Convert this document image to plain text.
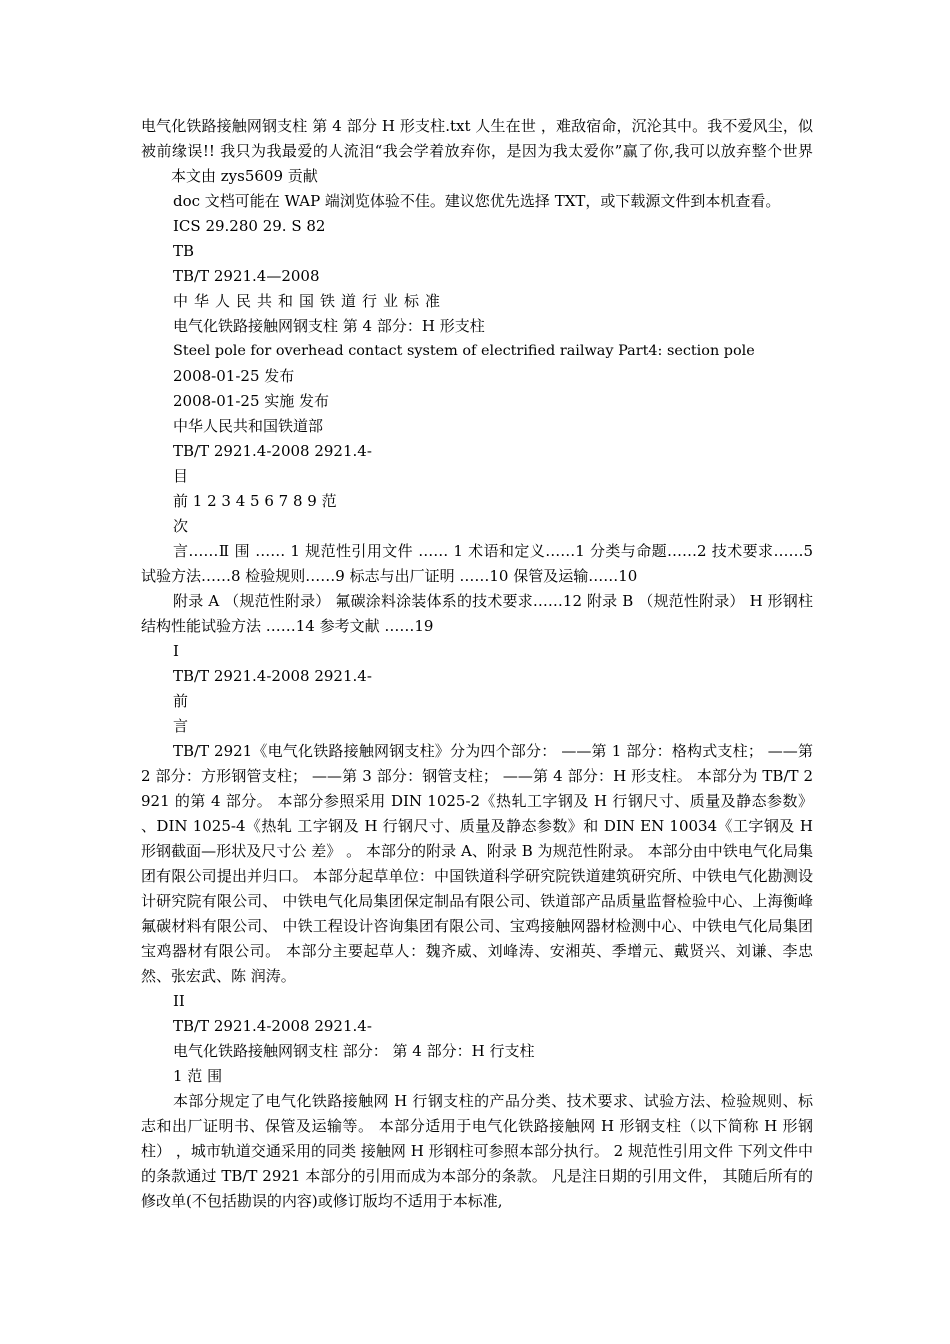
电气化铁路接触网钢支柱 第 4 部分 H 形支柱.txt 人生在世 ，难敌宿命，沉沦其中。我不爱风尘，似被前缘误!! 我只为我最爱的人流泪“我会学着放弃你，是因为我太爱你”赢了你,我可以放弃整个世界 　　本文由 zys5609 贡献

doc 文档可能在 WAP 端浏览体验不佳。建议您优先选择 TXT，或下载源文件到本机查看。

ICS 29.280 29. S 82

TB

TB/T 2921.4—2008

中华人民共和国铁道行业标准

电气化铁路接触网钢支柱 第 4 部分：H 形支柱

Steel pole for overhead contact system of electrified railway Part4: section pole

2008-01-25 发布

2008-01-25 实施 发布

中华人民共和国铁道部

TB/T 2921.4-2008 2921.4-

目

前 1 2 3 4 5 6 7 8 9 范

次

言……Ⅱ 围 …… 1 规范性引用文件 …… 1 术语和定义……1 分类与命题……2 技术要求……5 试验方法……8 检验规则……9 标志与出厂证明 ……10 保管及运输……10

附录 A （规范性附录） 氟碳涂料涂装体系的技术要求……12 附录 B （规范性附录） H 形钢柱结构性能试验方法 ……14 参考文献 ……19

I

TB/T 2921.4-2008 2921.4-

前

言

TB/T 2921《电气化铁路接触网钢支柱》分为四个部分： ——第 1 部分：格构式支柱； ——第 2 部分：方形钢管支柱； ——第 3 部分：钢管支柱； ——第 4 部分：H 形支柱。 本部分为 TB/T 2921 的第 4 部分。 本部分参照采用 DIN 1025-2《热轧工字钢及 H 行钢尺寸、质量及静态参数》 、DIN 1025-4《热轧 工字钢及 H 行钢尺寸、质量及静态参数》和 DIN EN 10034《工字钢及 H 形钢截面—形状及尺寸公 差》 。 本部分的附录 A、附录 B 为规范性附录。 本部分由中铁电气化局集团有限公司提出并归口。 本部分起草单位：中国铁道科学研究院铁道建筑研究所、中铁电气化勘测设计研究院有限公司、 中铁电气化局集团保定制品有限公司、铁道部产品质量监督检验中心、上海衡峰氟碳材料有限公司、 中铁工程设计咨询集团有限公司、宝鸡接触网器材检测中心、中铁电气化局集团宝鸡器材有限公司。 本部分主要起草人：魏齐威、刘峰涛、安湘英、季增元、戴贤兴、刘谦、李忠然、张宏武、陈 润涛。

II

TB/T 2921.4-2008 2921.4-

电气化铁路接触网钢支柱 部分： 第 4 部分：H 行支柱

1 范 围

本部分规定了电气化铁路接触网 H 行钢支柱的产品分类、技术要求、试验方法、检验规则、标 志和出厂证明书、保管及运输等。 本部分适用于电气化铁路接触网 H 形钢支柱（以下简称 H 形钢柱） ，城市轨道交通采用的同类 接触网 H 形钢柱可参照本部分执行。 2 规范性引用文件 下列文件中的条款通过 TB/T 2921 本部分的引用而成为本部分的条款。 凡是注日期的引用文件， 其随后所有的修改单(不包括勘误的内容)或修订版均不适用于本标准,
